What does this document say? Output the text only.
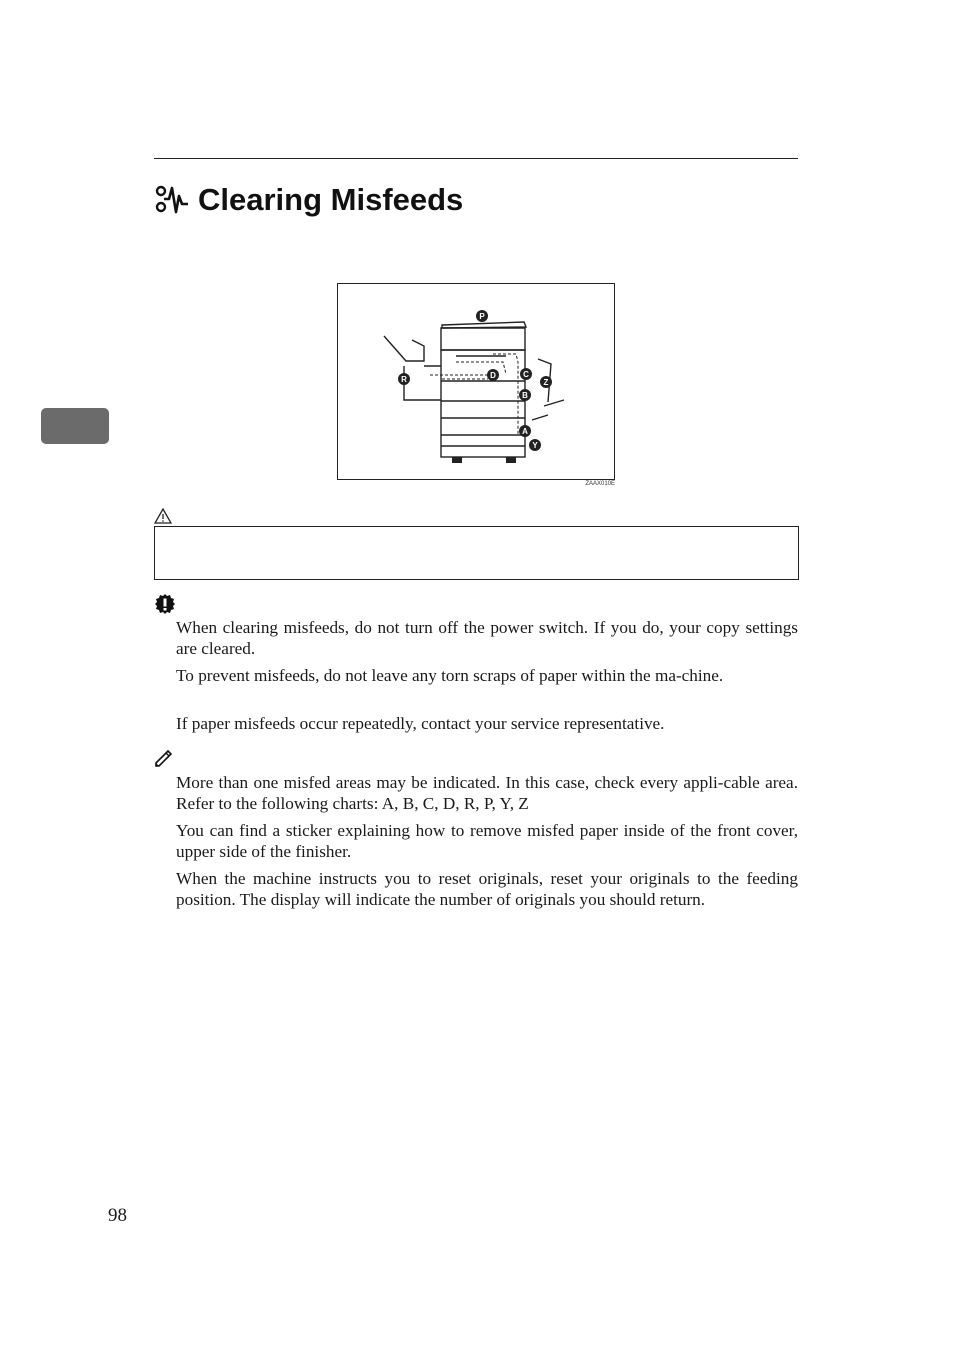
Clearing Misfeeds
P
R	D	C
Z
B
A
Y
ZAAX010E

When clearing misfeeds, do not turn off the power switch. If you do, your copy settings are cleared.

To prevent misfeeds, do not leave any torn scraps of paper within the ma-chine.

If paper misfeeds occur repeatedly, contact your service representative.

More than one misfed areas may be indicated. In this case, check every appli-cable area. Refer to the following charts: A, B, C, D, R, P, Y, Z

You can find a sticker explaining how to remove misfed paper inside of the front cover, upper side of the finisher.

When the machine instructs you to reset originals, reset your originals to the feeding position. The display will indicate the number of originals you should return.

98
